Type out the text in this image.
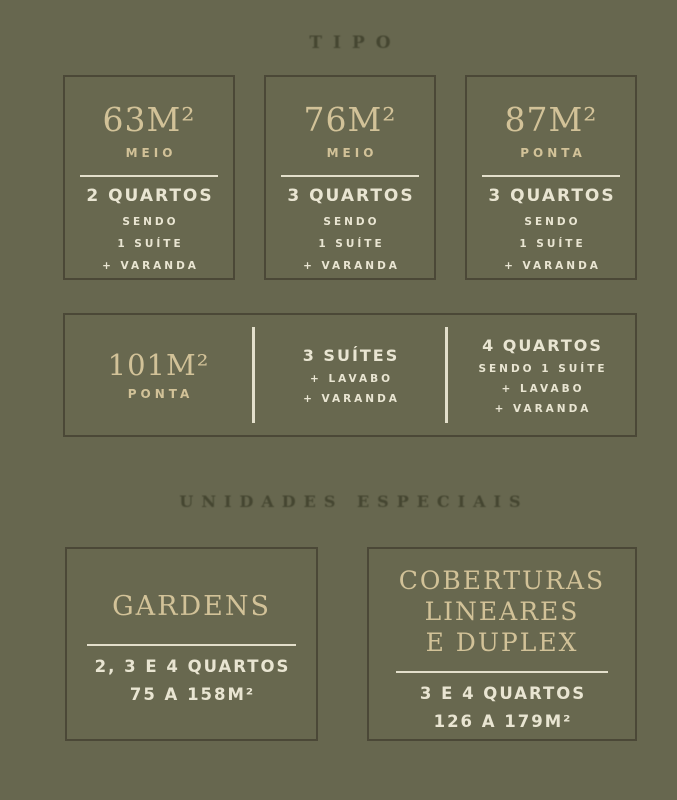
TIPO
63M²
MEIO
2 QUARTOS
SENDO
1 SUÍTE
+ VARANDA
76M²
MEIO
3 QUARTOS
SENDO
1 SUÍTE
+ VARANDA
87M²
PONTA
3 QUARTOS
SENDO
1 SUÍTE
+ VARANDA
101M²
PONTA
3 SUÍTES
+ LAVABO
+ VARANDA
4 QUARTOS
SENDO 1 SUÍTE
+ LAVABO
+ VARANDA
UNIDADES ESPECIAIS
GARDENS
2, 3 E 4 QUARTOS
75 A 158M²
COBERTURAS
LINEARES
E DUPLEX
3 E 4 QUARTOS
126 A 179M²
